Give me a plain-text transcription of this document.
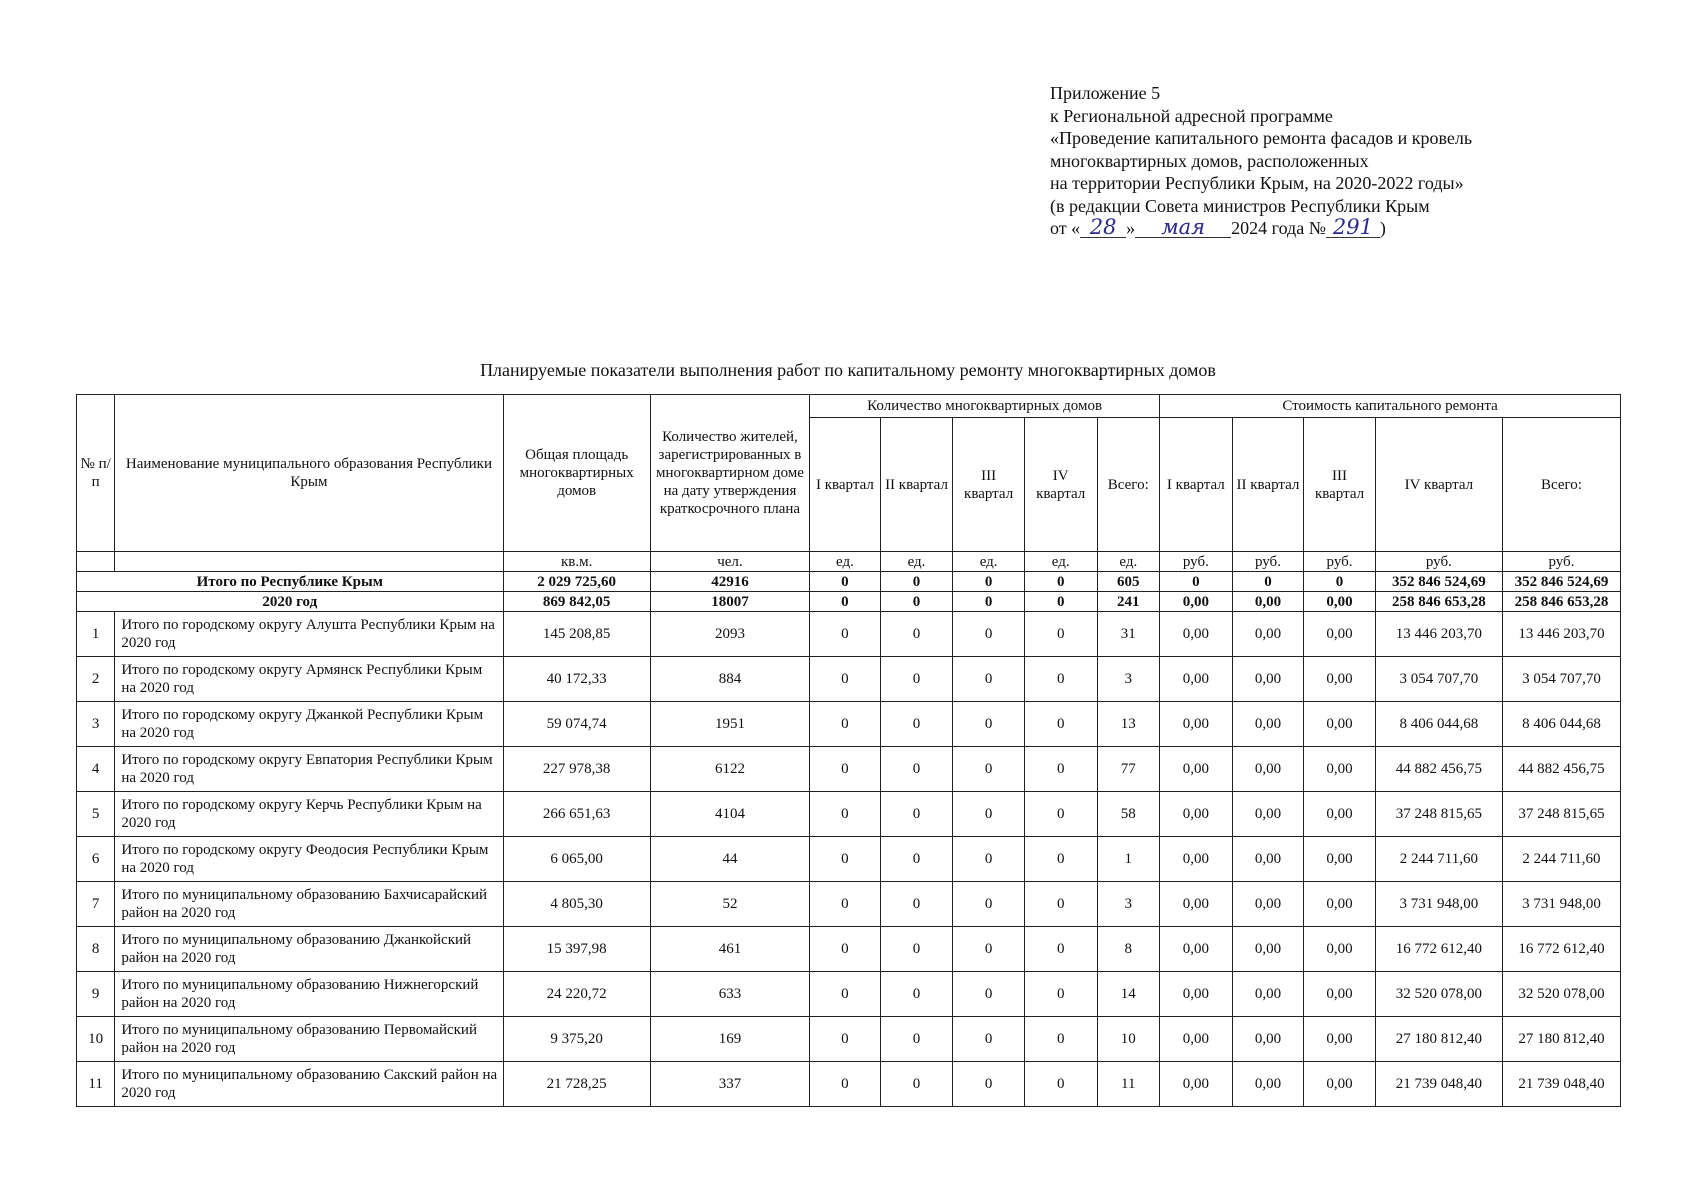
Приложение 5
к Региональной адресной программе
«Проведение капитального ремонта фасадов и кровель
многоквартирных домов, расположенных
на территории Республики Крым, на 2020-2022 годы»
(в редакции Совета министров Республики Крым
от « 28 » мая 2024 года № 291 )
Планируемые показатели выполнения работ по капитальному ремонту многоквартирных домов
№ п/п	Наименование муниципального образования Республики Крым	Общая площадь многоквартирных домов	Количество жителей, зарегистрированных в многоквартирном доме на дату утверждения краткосрочного плана	Количество многоквартирных домов					Стоимость капитального ремонта				
				I квартал	II квартал	III квартал	IV квартал	Всего:	I квартал	II квартал	III квартал	IV квартал	Всего:
		кв.м.	чел.	ед.	ед.	ед.	ед.	ед.	руб.	руб.	руб.	руб.	руб.
Итого по Республике Крым		2 029 725,60	42916	0	0	0	0	605	0	0	0	352 846 524,69	352 846 524,69
2020 год		869 842,05	18007	0	0	0	0	241	0,00	0,00	0,00	258 846 653,28	258 846 653,28
1	Итого по городскому округу Алушта Республики Крым на 2020 год	145 208,85	2093	0	0	0	0	31	0,00	0,00	0,00	13 446 203,70	13 446 203,70
2	Итого по городскому округу Армянск Республики Крым на 2020 год	40 172,33	884	0	0	0	0	3	0,00	0,00	0,00	3 054 707,70	3 054 707,70
3	Итого по городскому округу Джанкой Республики Крым на 2020 год	59 074,74	1951	0	0	0	0	13	0,00	0,00	0,00	8 406 044,68	8 406 044,68
4	Итого по городскому округу Евпатория Республики Крым на 2020 год	227 978,38	6122	0	0	0	0	77	0,00	0,00	0,00	44 882 456,75	44 882 456,75
5	Итого по городскому округу Керчь Республики Крым на 2020 год	266 651,63	4104	0	0	0	0	58	0,00	0,00	0,00	37 248 815,65	37 248 815,65
6	Итого по городскому округу Феодосия Республики Крым на 2020 год	6 065,00	44	0	0	0	0	1	0,00	0,00	0,00	2 244 711,60	2 244 711,60
7	Итого по муниципальному образованию Бахчисарайский район на 2020 год	4 805,30	52	0	0	0	0	3	0,00	0,00	0,00	3 731 948,00	3 731 948,00
8	Итого по муниципальному образованию Джанкойский район на 2020 год	15 397,98	461	0	0	0	0	8	0,00	0,00	0,00	16 772 612,40	16 772 612,40
9	Итого по муниципальному образованию Нижнегорский район на 2020 год	24 220,72	633	0	0	0	0	14	0,00	0,00	0,00	32 520 078,00	32 520 078,00
10	Итого по муниципальному образованию Первомайский район на 2020 год	9 375,20	169	0	0	0	0	10	0,00	0,00	0,00	27 180 812,40	27 180 812,40
11	Итого по муниципальному образованию Сакский район на 2020 год	21 728,25	337	0	0	0	0	11	0,00	0,00	0,00	21 739 048,40	21 739 048,40
